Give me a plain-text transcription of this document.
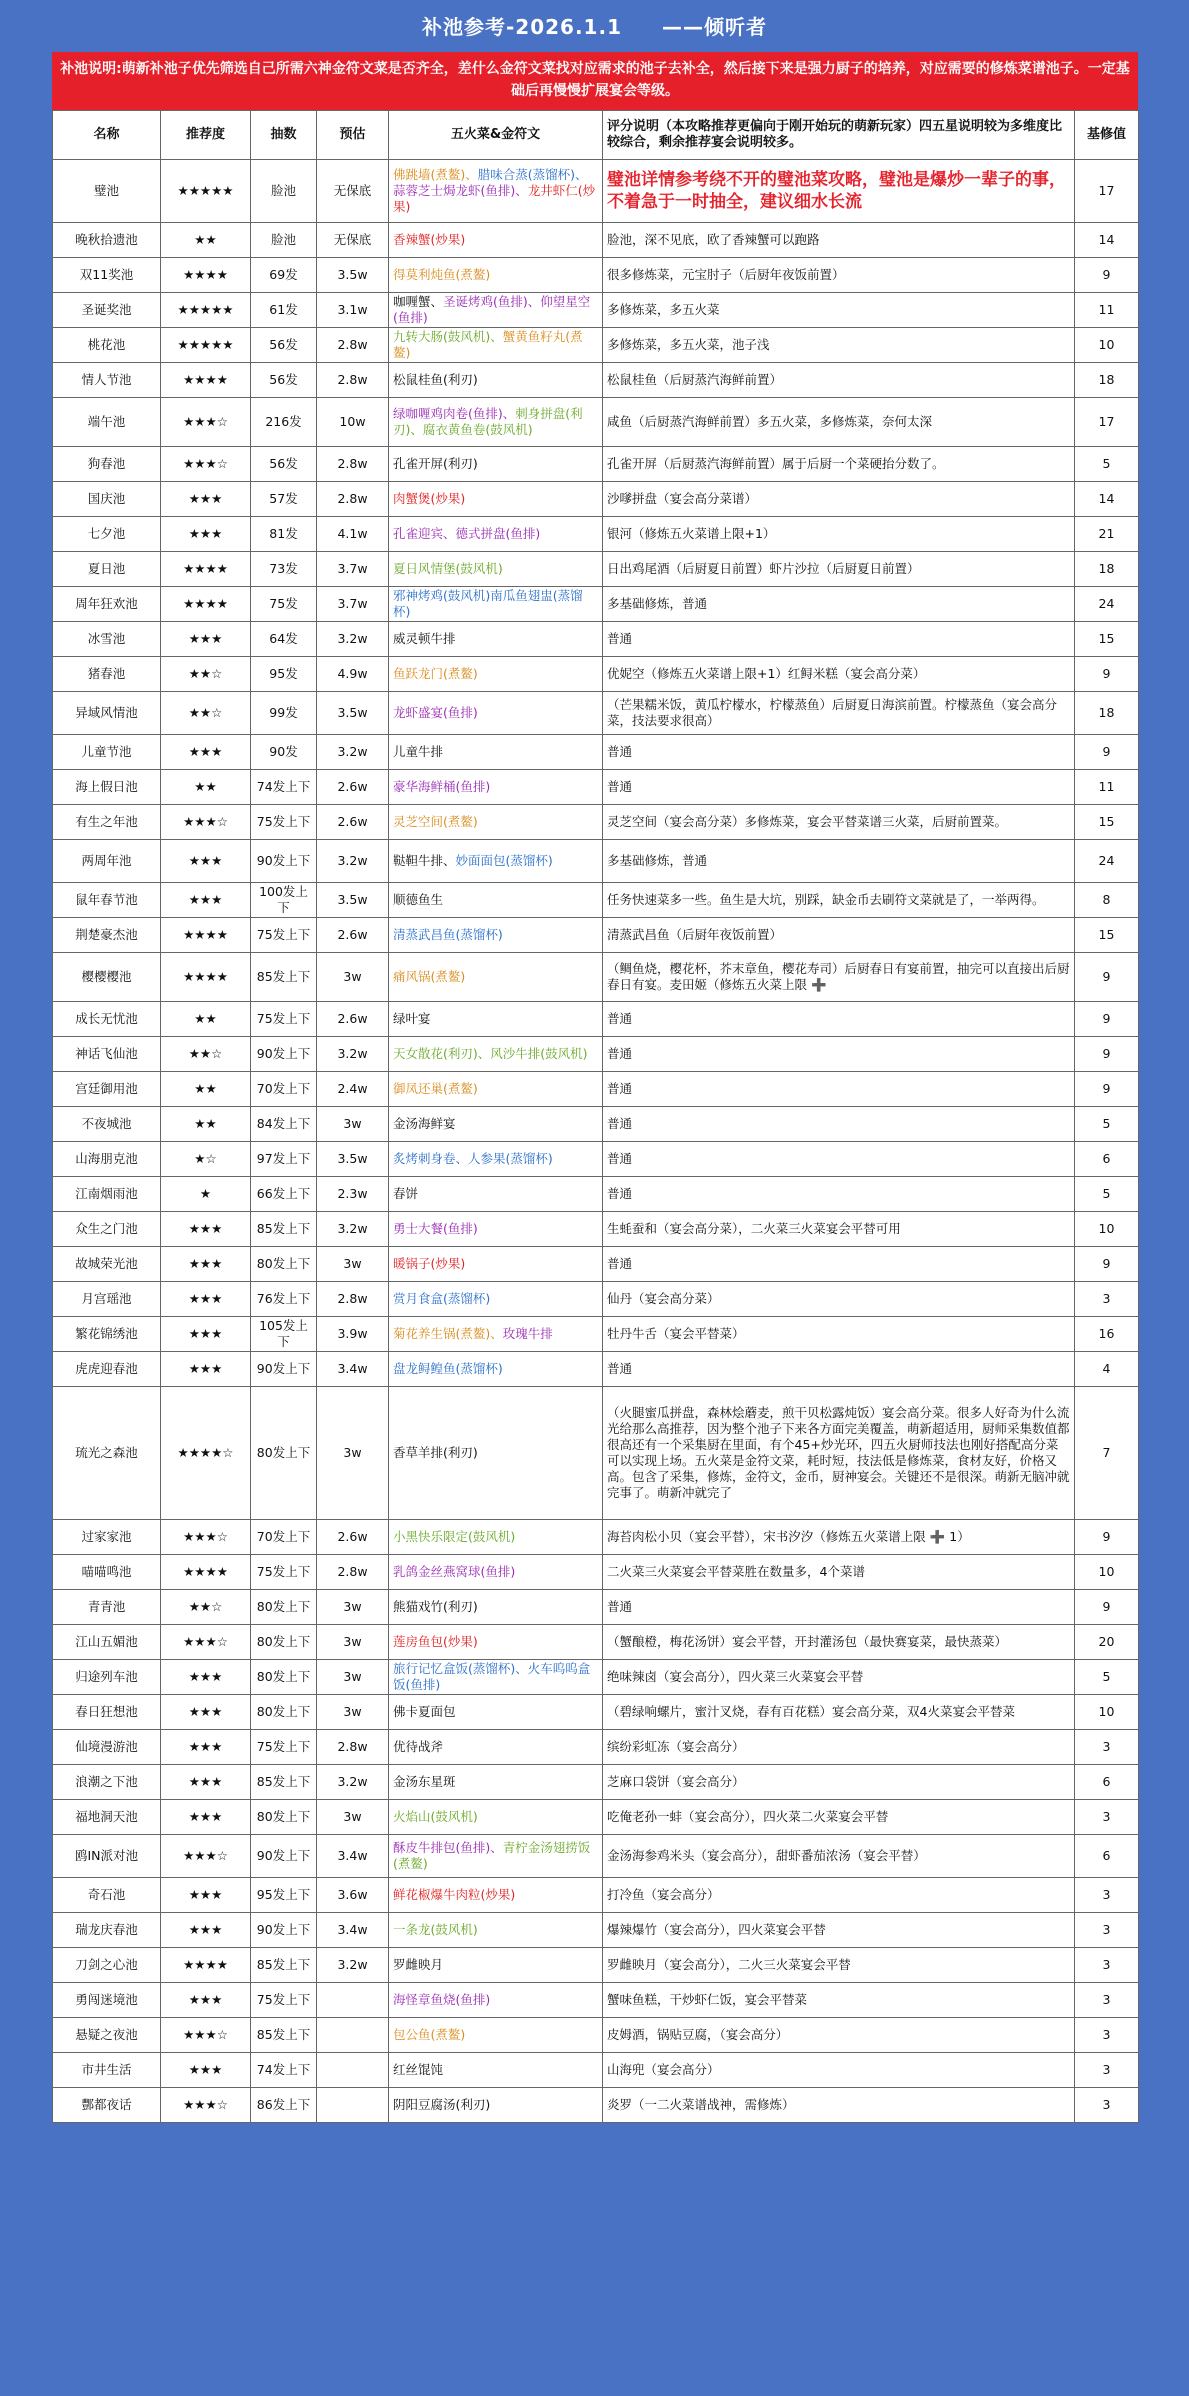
补池参考-2026.1.1 ——倾听者
补池说明:萌新补池子优先筛选自己所需六神金符文菜是否齐全，差什么金符文菜找对应需求的池子去补全，然后接下来是强力厨子的培养，对应需要的修炼菜谱池子。一定基础后再慢慢扩展宴会等级。
名称	推荐度	抽数	预估	五火菜&金符文	评分说明（本攻略推荐更偏向于刚开始玩的萌新玩家）四五星说明较为多维度比较综合，剩余推荐宴会说明较多。	基修值
璧池	★★★★★	脸池	无保底	佛跳墙(煮鳌)、腊味合蒸(蒸馏杯)、蒜蓉芝士焗龙虾(鱼排)、龙井虾仁(炒果)	璧池详情参考绕不开的璧池菜攻略，璧池是爆炒一辈子的事，不着急于一时抽全，建议细水长流	17
晚秋拾遗池	★★	脸池	无保底	香辣蟹(炒果)	脸池，深不见底，欧了香辣蟹可以跑路	14
双11奖池	★★★★	69发	3.5w	得莫利炖鱼(煮鳌)	很多修炼菜，元宝肘子（后厨年夜饭前置）	9
圣诞奖池	★★★★★	61发	3.1w	咖喱蟹、圣诞烤鸡(鱼排)、仰望星空(鱼排)	多修炼菜，多五火菜	11
桃花池	★★★★★	56发	2.8w	九转大肠(鼓风机)、蟹黄鱼籽丸(煮鳌)	多修炼菜，多五火菜，池子浅	10
情人节池	★★★★	56发	2.8w	松鼠桂鱼(利刃)	松鼠桂鱼（后厨蒸汽海鲜前置）	18
端午池	★★★☆	216发	10w	绿咖喱鸡肉卷(鱼排)、刺身拼盘(利刃)、腐衣黄鱼卷(鼓风机)	咸鱼（后厨蒸汽海鲜前置）多五火菜，多修炼菜，奈何太深	17
狗春池	★★★☆	56发	2.8w	孔雀开屏(利刃)	孔雀开屏（后厨蒸汽海鲜前置）属于后厨一个菜硬抬分数了。	5
国庆池	★★★	57发	2.8w	肉蟹煲(炒果)	沙嗲拼盘（宴会高分菜谱）	14
七夕池	★★★	81发	4.1w	孔雀迎宾、德式拼盘(鱼排)	银河（修炼五火菜谱上限+1）	21
夏日池	★★★★	73发	3.7w	夏日风情堡(鼓风机)	日出鸡尾酒（后厨夏日前置）虾片沙拉（后厨夏日前置）	18
周年狂欢池	★★★★	75发	3.7w	邪神烤鸡(鼓风机)南瓜鱼翅盅(蒸馏杯)	多基础修炼，普通	24
冰雪池	★★★	64发	3.2w	威灵顿牛排	普通	15
猪春池	★★☆	95发	4.9w	鱼跃龙门(煮鳌)	优妮空（修炼五火菜谱上限+1）红鲟米糕（宴会高分菜）	9
异域风情池	★★☆	99发	3.5w	龙虾盛宴(鱼排)	（芒果糯米饭，黄瓜柠檬水，柠檬蒸鱼）后厨夏日海滨前置。柠檬蒸鱼（宴会高分菜，技法要求很高）	18
儿童节池	★★★	90发	3.2w	儿童牛排	普通	9
海上假日池	★★	74发上下	2.6w	豪华海鲜桶(鱼排)	普通	11
有生之年池	★★★☆	75发上下	2.6w	灵芝空间(煮鳌)	灵芝空间（宴会高分菜）多修炼菜，宴会平替菜谱三火菜，后厨前置菜。	15
两周年池	★★★	90发上下	3.2w	鞑靼牛排、妙面面包(蒸馏杯)	多基础修炼，普通	24
鼠年春节池	★★★	100发上下	3.5w	顺德鱼生	任务快速菜多一些。鱼生是大坑，别踩，缺金币去刷符文菜就是了，一举两得。	8
荆楚豪杰池	★★★★	75发上下	2.6w	清蒸武昌鱼(蒸馏杯)	清蒸武昌鱼（后厨年夜饭前置）	15
樱樱樱池	★★★★	85发上下	3w	痛风锅(煮鳌)	（鲷鱼烧，樱花杯，芥末章鱼，樱花寿司）后厨春日有宴前置，抽完可以直接出后厨春日有宴。麦田姬（修炼五火菜上限 ➕	9
成长无忧池	★★	75发上下	2.6w	绿叶宴	普通	9
神话飞仙池	★★☆	90发上下	3.2w	天女散花(利刃)、风沙牛排(鼓风机)	普通	9
宫廷御用池	★★	70发上下	2.4w	御凤还巢(煮鳌)	普通	9
不夜城池	★★	84发上下	3w	金汤海鲜宴	普通	5
山海朋克池	★☆	97发上下	3.5w	炙烤刺身卷、人参果(蒸馏杯)	普通	6
江南烟雨池	★	66发上下	2.3w	春饼	普通	5
众生之门池	★★★	85发上下	3.2w	勇士大餐(鱼排)	生蚝蚕和（宴会高分菜），二火菜三火菜宴会平替可用	10
故城荣光池	★★★	80发上下	3w	暖锅子(炒果)	普通	9
月宫瑶池	★★★	76发上下	2.8w	赏月食盒(蒸馏杯)	仙丹（宴会高分菜）	3
繁花锦绣池	★★★	105发上下	3.9w	菊花养生锅(煮鳌)、玫瑰牛排	牡丹牛舌（宴会平替菜）	16
虎虎迎春池	★★★	90发上下	3.4w	盘龙鲟鳇鱼(蒸馏杯)	普通	4
琉光之森池	★★★★☆	80发上下	3w	香草羊排(利刃)	（火腿蜜瓜拼盘，森林烩蘑麦，煎干贝松露炖饭）宴会高分菜。很多人好奇为什么流光给那么高推荐，因为整个池子下来各方面完美覆盖，萌新超适用，厨师采集数值都很高还有一个采集厨在里面，有个45+炒光环，四五火厨师技法也刚好搭配高分菜可以实现上场。五火菜是金符文菜，耗时短，技法低是修炼菜，食材友好，价格又高。包含了采集，修炼，金符文，金币，厨神宴会。关键还不是很深。萌新无脑冲就完事了。萌新冲就完了	7
过家家池	★★★☆	70发上下	2.6w	小黑快乐限定(鼓风机)	海苔肉松小贝（宴会平替），宋书汐汐（修炼五火菜谱上限 ➕ 1）	9
喵喵鸣池	★★★★	75发上下	2.8w	乳鸽金丝燕窝球(鱼排)	二火菜三火菜宴会平替菜胜在数量多，4个菜谱	10
青青池	★★☆	80发上下	3w	熊猫戏竹(利刃)	普通	9
江山五媚池	★★★☆	80发上下	3w	莲房鱼包(炒果)	（蟹酿橙，梅花汤饼）宴会平替，开封灌汤包（最快赛宴菜，最快蒸菜）	20
归途列车池	★★★	80发上下	3w	旅行记忆盒饭(蒸馏杯)、火车呜呜盒饭(鱼排)	绝味辣卤（宴会高分），四火菜三火菜宴会平替	5
春日狂想池	★★★	80发上下	3w	佛卡夏面包	（碧绿响螺片，蜜汁叉烧，春有百花糕）宴会高分菜，双4火菜宴会平替菜	10
仙境漫游池	★★★	75发上下	2.8w	优待战斧	缤纷彩虹冻（宴会高分）	3
浪潮之下池	★★★	85发上下	3.2w	金汤东星斑	芝麻口袋饼（宴会高分）	6
福地洞天池	★★★	80发上下	3w	火焰山(鼓风机)	吃俺老孙一蚌（宴会高分），四火菜二火菜宴会平替	3
鸥IN派对池	★★★☆	90发上下	3.4w	酥皮牛排包(鱼排)、青柠金汤翅捞饭(煮鳌)	金汤海参鸡米头（宴会高分），甜虾番茄浓汤（宴会平替）	6
奇石池	★★★	95发上下	3.6w	鲜花椒爆牛肉粒(炒果)	打冷鱼（宴会高分）	3
瑞龙庆春池	★★★	90发上下	3.4w	一条龙(鼓风机)	爆辣爆竹（宴会高分），四火菜宴会平替	3
刀剑之心池	★★★★	85发上下	3.2w	罗雌映月	罗雌映月（宴会高分），二火三火菜宴会平替	3
勇闯迷境池	★★★	75发上下		海怪章鱼烧(鱼排)	蟹味鱼糕，干炒虾仁饭，宴会平替菜	3
悬疑之夜池	★★★☆	85发上下		包公鱼(煮鳌)	皮姆酒，锅贴豆腐，（宴会高分）	3
市井生活	★★★	74发上下		红丝馄饨	山海兜（宴会高分）	3
酆都夜话	★★★☆	86发上下		阴阳豆腐汤(利刃)	炎罗（一二火菜谱战神，需修炼）	3
